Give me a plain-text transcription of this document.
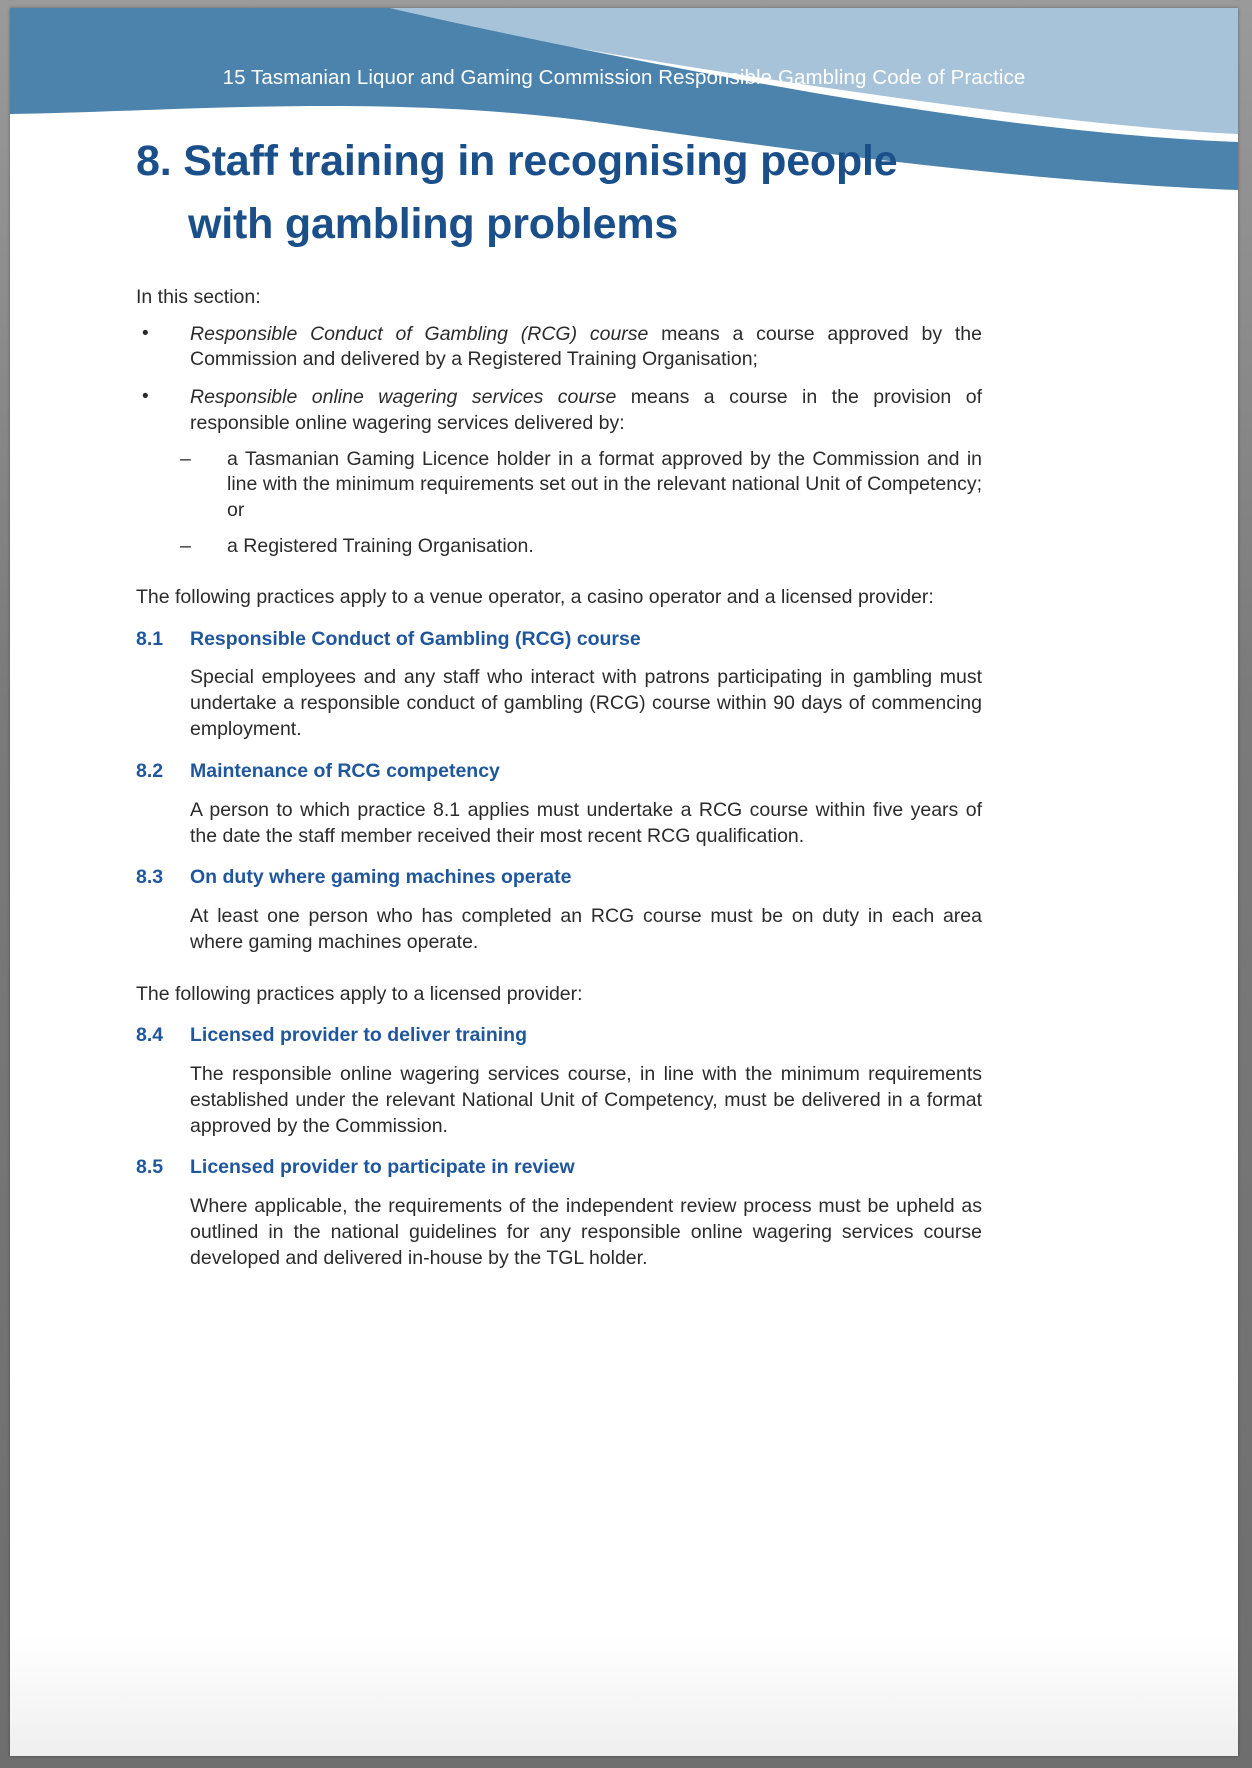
15 Tasmanian Liquor and Gaming Commission Responsible Gambling Code of Practice
8. Staff training in recognising people
with gambling problems

In this section:

• Responsible Conduct of Gambling (RCG) course means a course approved by the Commission and delivered by a Registered Training Organisation;
• Responsible online wagering services course means a course in the provision of responsible online wagering services delivered by:
– a Tasmanian Gaming Licence holder in a format approved by the Commission and in line with the minimum requirements set out in the relevant national Unit of Competency; or
– a Registered Training Organisation.

The following practices apply to a venue operator, a casino operator and a licensed provider:

8.1	Responsible Conduct of Gambling (RCG) course

Special employees and any staff who interact with patrons participating in gambling must undertake a responsible conduct of gambling (RCG) course within 90 days of commencing employment.

8.2	Maintenance of RCG competency

A person to which practice 8.1 applies must undertake a RCG course within five years of the date the staff member received their most recent RCG qualification.

8.3	On duty where gaming machines operate

At least one person who has completed an RCG course must be on duty in each area where gaming machines operate.

The following practices apply to a licensed provider:

8.4	Licensed provider to deliver training

The responsible online wagering services course, in line with the minimum requirements established under the relevant National Unit of Competency, must be delivered in a format approved by the Commission.

8.5	Licensed provider to participate in review

Where applicable, the requirements of the independent review process must be upheld as outlined in the national guidelines for any responsible online wagering services course developed and delivered in-house by the TGL holder.
